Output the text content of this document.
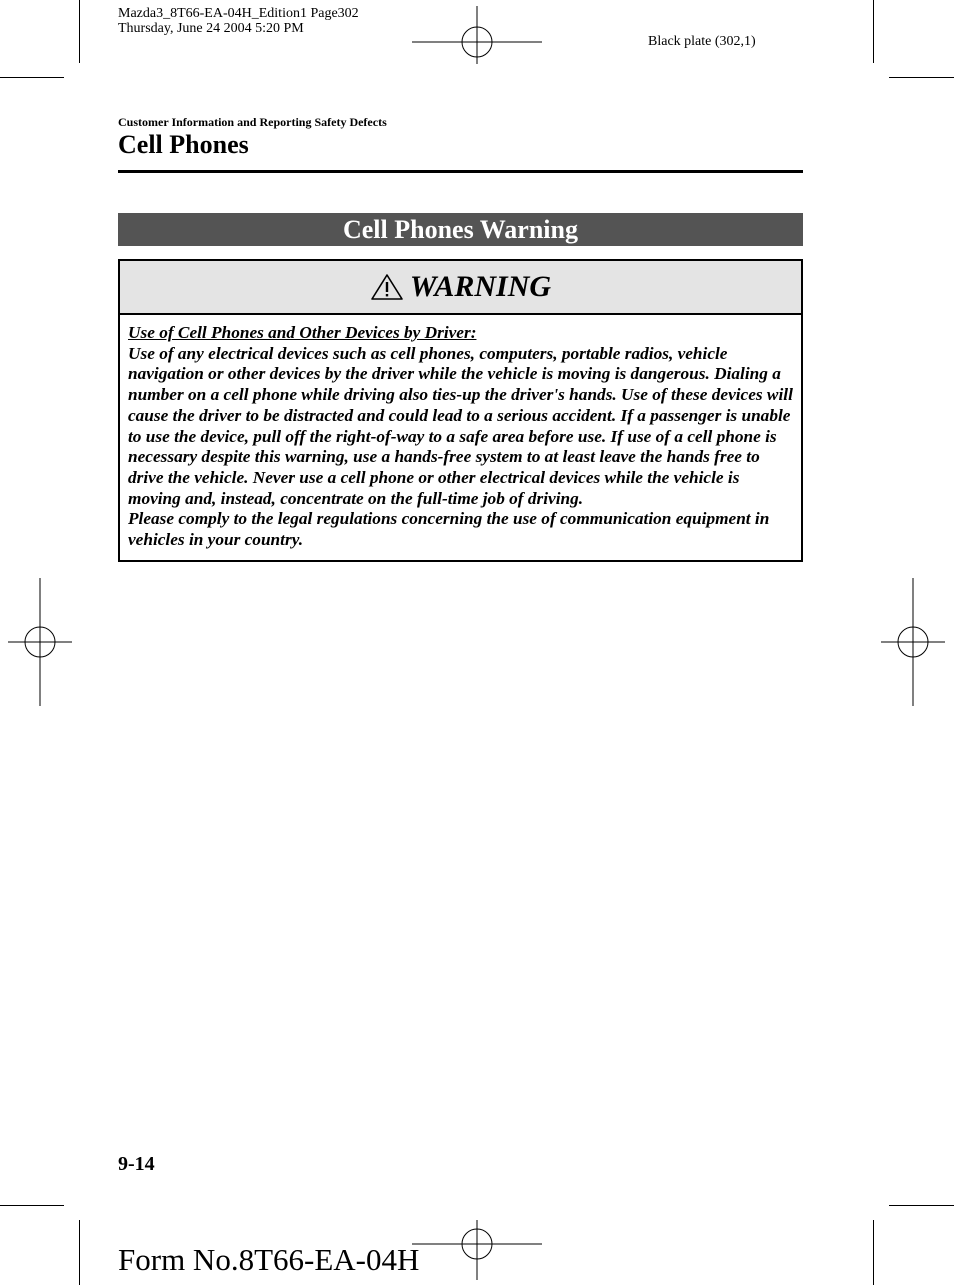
Mazda3_8T66-EA-04H_Edition1 Page302
Thursday, June 24 2004 5:20 PM
Black plate (302,1)
Customer Information and Reporting Safety Defects
Cell Phones
Cell Phones Warning
WARNING

Use of Cell Phones and Other Devices by Driver:

Use of any electrical devices such as cell phones, computers, portable radios, vehicle navigation or other devices by the driver while the vehicle is moving is dangerous. Dialing a number on a cell phone while driving also ties-up the driver's hands. Use of these devices will cause the driver to be distracted and could lead to a serious accident. If a passenger is unable to use the device, pull off the right-of-way to a safe area before use. If use of a cell phone is necessary despite this warning, use a hands-free system to at least leave the hands free to drive the vehicle. Never use a cell phone or other electrical devices while the vehicle is moving and, instead, concentrate on the full-time job of driving.

Please comply to the legal regulations concerning the use of communication equipment in vehicles in your country.

9-14
Form No.8T66-EA-04H
